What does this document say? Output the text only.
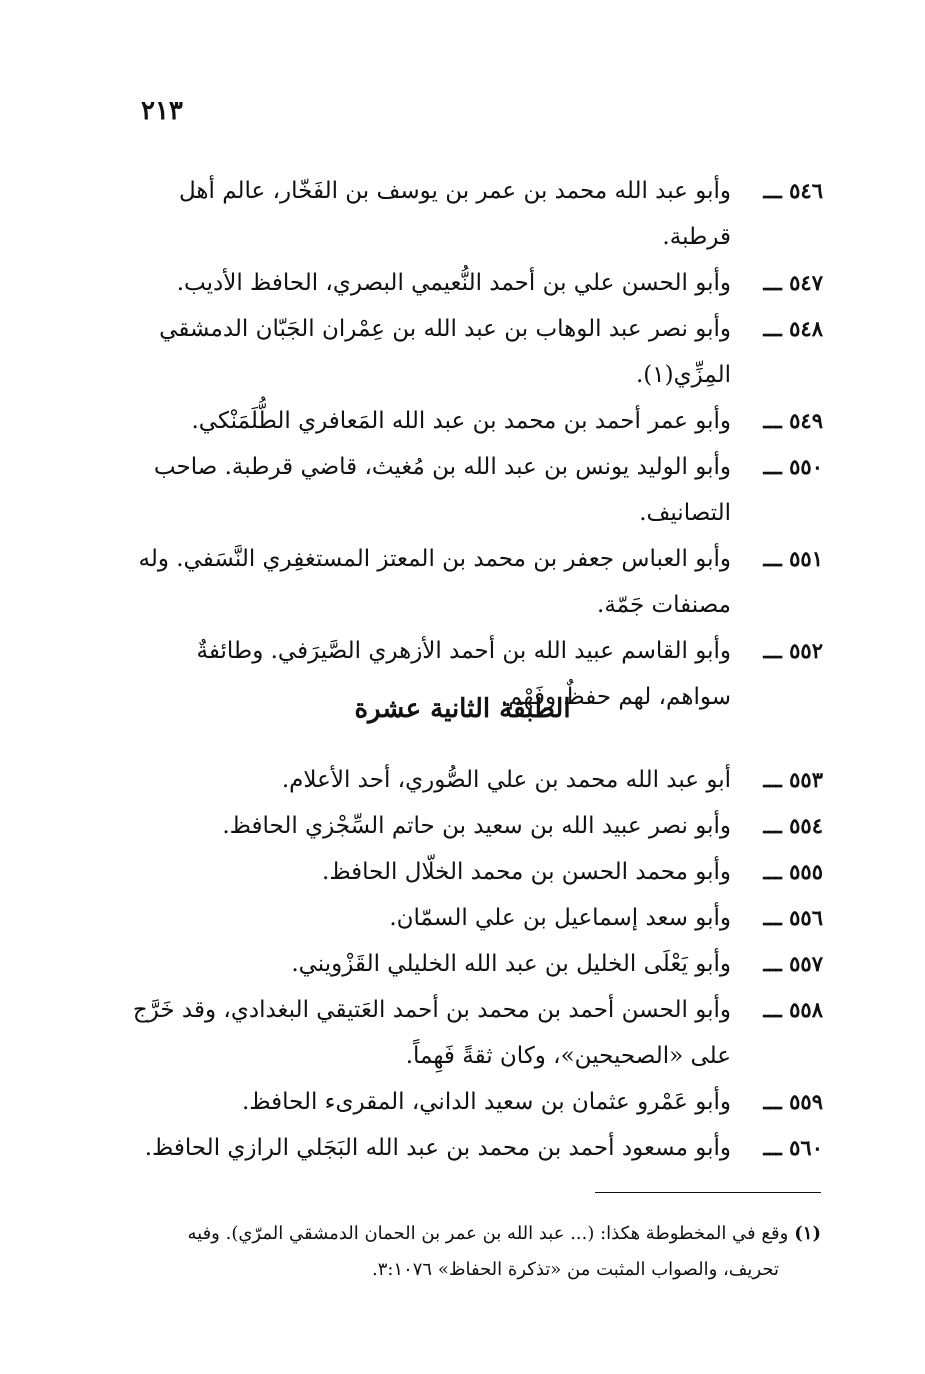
٢١٣
٥٤٦ ـــ
وأبو عبد الله محمد بن عمر بن يوسف بن الفَخّار، عالم أهل قرطبة.
٥٤٧ ـــ
وأبو الحسن علي بن أحمد النُّعيمي البصري، الحافظ الأديب.
٥٤٨ ـــ
وأبو نصر عبد الوهاب بن عبد الله بن عِمْران الجَبّان الدمشقي المِزِّي(١).
٥٤٩ ـــ
وأبو عمر أحمد بن محمد بن عبد الله المَعافري الطُّلَمَنْكي.
٥٥٠ ـــ
وأبو الوليد يونس بن عبد الله بن مُغيث، قاضي قرطبة. صاحب التصانيف.
٥٥١ ـــ
وأبو العباس جعفر بن محمد بن المعتز المستغفِري النَّسَفي. وله مصنفات جَمّة.
٥٥٢ ـــ
وأبو القاسم عبيد الله بن أحمد الأزهري الصَّيرَفي. وطائفةٌ سواهم، لهم حفظٌ وفَهْم.
الطبقة الثانية عشرة
٥٥٣ ـــ
أبو عبد الله محمد بن علي الصُّوري، أحد الأعلام.
٥٥٤ ـــ
وأبو نصر عبيد الله بن سعيد بن حاتم السِّجْزي الحافظ.
٥٥٥ ـــ
وأبو محمد الحسن بن محمد الخلّال الحافظ.
٥٥٦ ـــ
وأبو سعد إسماعيل بن علي السمّان.
٥٥٧ ـــ
وأبو يَعْلَى الخليل بن عبد الله الخليلي القَزْويني.
٥٥٨ ـــ
وأبو الحسن أحمد بن محمد بن أحمد العَتيقي البغدادي، وقد خَرَّج على «الصحيحين»، وكان ثقةً فَهِماً.
٥٥٩ ـــ
وأبو عَمْرو عثمان بن سعيد الداني، المقرىء الحافظ.
٥٦٠ ـــ
وأبو مسعود أحمد بن محمد بن عبد الله البَجَلي الرازي الحافظ.
(١)وقع في المخطوطة هكذا: (... عبد الله بن عمر بن الحمان الدمشقي المرّي). وفيه
تحريف، والصواب المثبت من «تذكرة الحفاظ» ٣:١٠٧٦.
